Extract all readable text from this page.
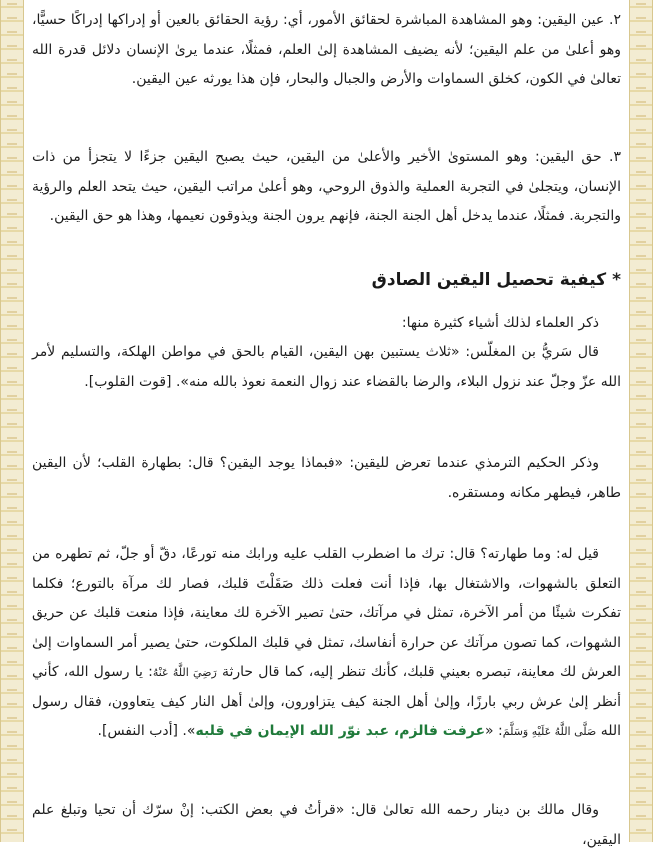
٢. عين اليقين: وهو المشاهدة المباشرة لحقائق الأمور، أي: رؤية الحقائق بالعين أو إدراكها إدراكًا حسيًّا، وهو أعلىٰ من علم اليقين؛ لأنه يضيف المشاهدة إلىٰ العلم، فمثلًا، عندما يرىٰ الإنسان دلائل قدرة الله تعالىٰ في الكون، كخلق السماوات والأرض والجبال والبحار، فإن هذا يورثه عين اليقين.

٣. حق اليقين: وهو المستوىٰ الأخير والأعلىٰ من اليقين، حيث يصبح اليقين جزءًا لا يتجزأ من ذات الإنسان، ويتجلىٰ في التجربة العملية والذوق الروحي، وهو أعلىٰ مراتب اليقين، حيث يتحد العلم والرؤية والتجربة. فمثلًا، عندما يدخل أهل الجنة الجنة، فإنهم يرون الجنة ويذوقون نعيمها، وهذا هو حق اليقين.

*كيفية تحصيل اليقين الصادق

ذكر العلماء لذلك أشياء كثيرة منها:

قال سَريُّ بن المغلّس: «ثلاث يستبين بهن اليقين، القيام بالحق في مواطن الهلكة، والتسليم لأمر الله عزّ وجلّ عند نزول البلاء، والرضا بالقضاء عند زوال النعمة نعوذ بالله منه». [قوت القلوب].

وذكر الحكيم الترمذي عندما تعرض لليقين: «فبماذا يوجد اليقين؟ قال: بطهارة القلب؛ لأن اليقين طاهر، فيطهر مكانه ومستقره.

قيل له: وما طهارته؟ قال: ترك ما اضطرب القلب عليه ورابك منه تورعًا، دقّ أو جلّ، ثم تطهره من التعلق بالشهوات، والاشتغال بها، فإذا أنت فعلت ذلك صَقَلْتَ قلبك، فصار لك مرآة بالتورع؛ فكلما تفكرت شيئًا من أمر الآخرة، تمثل في مرآتك، حتىٰ تصير الآخرة لك معاينة، فإذا منعت قلبك عن حريق الشهوات، كما تصون مرآتك عن حرارة أنفاسك، تمثل في قلبك الملكوت، حتىٰ يصير أمر السماوات إلىٰ العرش لك معاينة، تبصره بعيني قلبك، كأنك تنظر إليه، كما قال حارثة رَضِيَ اللَّهُ عَنْهُ: يا رسول الله، كأني أنظر إلىٰ عرش ربي بارزًا، وإلىٰ أهل الجنة كيف يتزاورون، وإلىٰ أهل النار كيف يتعاوون، فقال رسول الله صَلَّى اللَّهُ عَلَيْهِ وَسَلَّمَ: «عرفت فالزم، عبد نوّر الله الإيمان في قلبه». [أدب النفس].

وقال مالك بن دينار رحمه الله تعالىٰ قال: «قرأتُ في بعض الكتب: إنْ سرّك أن تحيا وتبلغ علم اليقين،
